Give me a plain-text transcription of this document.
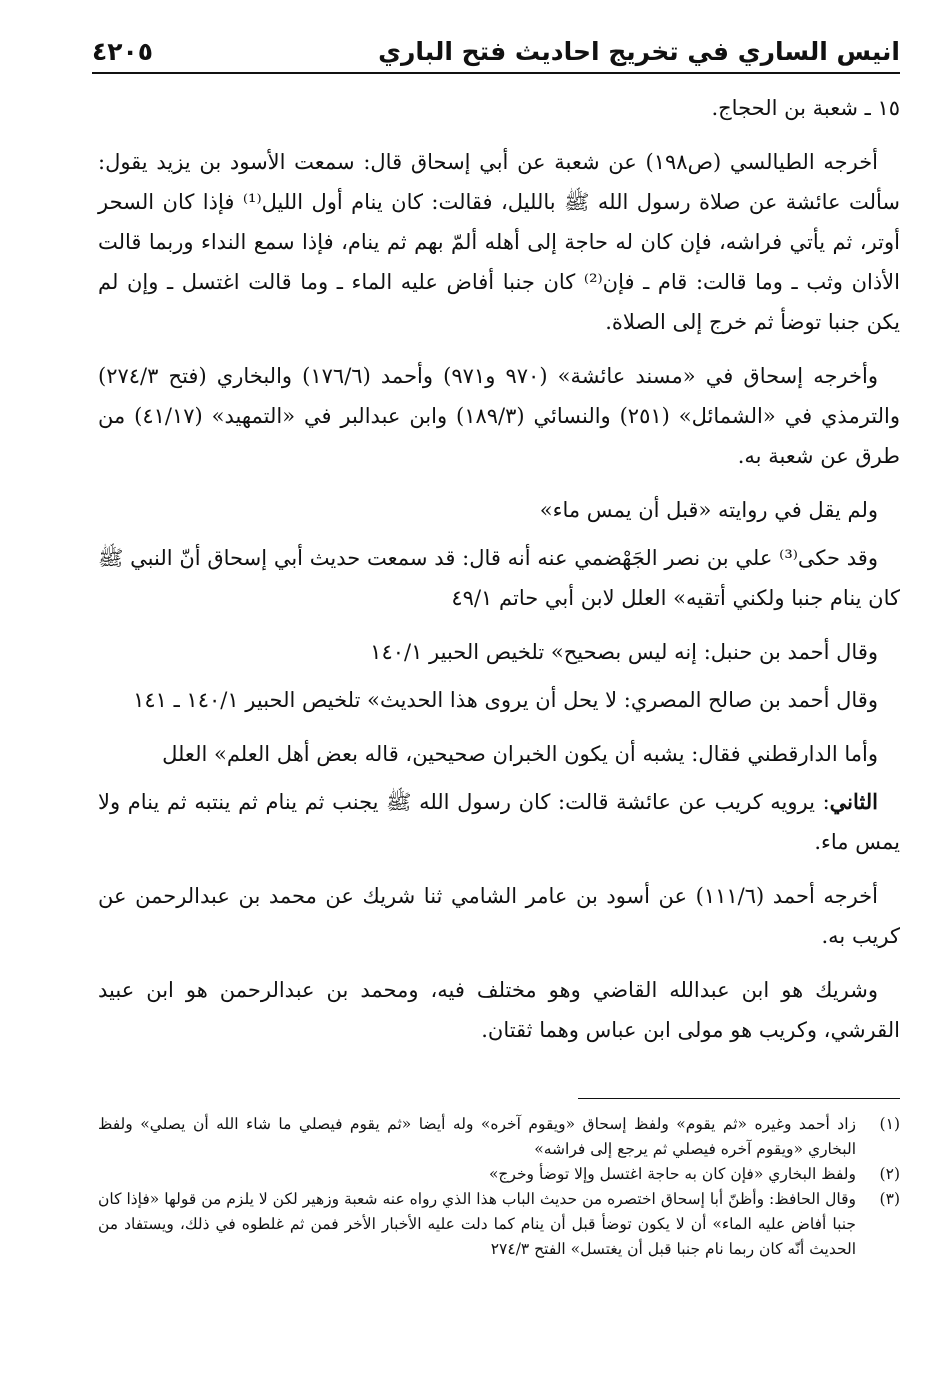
انيس الساري في تخريج احاديث فتح الباري
٤٢٠٥

١٥ ـ شعبة بن الحجاج.

أخرجه الطيالسي (ص١٩٨) عن شعبة عن أبي إسحاق قال: سمعت الأسود بن يزيد يقول: سألت عائشة عن صلاة رسول الله ﷺ بالليل، فقالت: كان ينام أول الليل⁽¹⁾ فإذا كان السحر أوتر، ثم يأتي فراشه، فإن كان له حاجة إلى أهله ألمّ بهم ثم ينام، فإذا سمع النداء وربما قالت الأذان وثب ـ وما قالت: قام ـ فإن⁽²⁾ كان جنبا أفاض عليه الماء ـ وما قالت اغتسل ـ وإن لم يكن جنبا توضأ ثم خرج إلى الصلاة.

وأخرجه إسحاق في «مسند عائشة» (٩٧٠ و٩٧١) وأحمد (١٧٦/٦) والبخاري (فتح ٢٧٤/٣) والترمذي في «الشمائل» (٢٥١) والنسائي (١٨٩/٣) وابن عبدالبر في «التمهيد» (٤١/١٧) من طرق عن شعبة به.

ولم يقل في روايته «قبل أن يمس ماء»

وقد حكى⁽³⁾ علي بن نصر الجَهْضمي عنه أنه قال: قد سمعت حديث أبي إسحاق أنّ النبي ﷺ كان ينام جنبا ولكني أتقيه» العلل لابن أبي حاتم ٤٩/١

وقال أحمد بن حنبل: إنه ليس بصحيح» تلخيص الحبير ١٤٠/١

وقال أحمد بن صالح المصري: لا يحل أن يروى هذا الحديث» تلخيص الحبير ١٤٠/١ ـ ١٤١

وأما الدارقطني فقال: يشبه أن يكون الخبران صحيحين، قاله بعض أهل العلم» العلل

الثاني: يرويه كريب عن عائشة قالت: كان رسول الله ﷺ يجنب ثم ينام ثم ينتبه ثم ينام ولا يمس ماء.

أخرجه أحمد (١١١/٦) عن أسود بن عامر الشامي ثنا شريك عن محمد بن عبدالرحمن عن كريب به.

وشريك هو ابن عبدالله القاضي وهو مختلف فيه، ومحمد بن عبدالرحمن هو ابن عبيد القرشي، وكريب هو مولى ابن عباس وهما ثقتان.

(١)
زاد أحمد وغيره «ثم يقوم» ولفظ إسحاق «ويقوم آخره» وله أيضا «ثم يقوم فيصلي ما شاء الله أن يصلي» ولفظ البخاري «ويقوم آخره فيصلي ثم يرجع إلى فراشه»
(٢)
ولفظ البخاري «فإن كان به حاجة اغتسل وإلا توضأ وخرج»
(٣)
وقال الحافظ: وأظنّ أبا إسحاق اختصره من حديث الباب هذا الذي رواه عنه شعبة وزهير لكن لا يلزم من قولها «فإذا كان جنبا أفاض عليه الماء» أن لا يكون توضأ قبل أن ينام كما دلت عليه الأخبار الأخر فمن ثم غلطوه في ذلك، ويستفاد من الحديث أنّه كان ربما نام جنبا قبل أن يغتسل» الفتح ٢٧٤/٣
